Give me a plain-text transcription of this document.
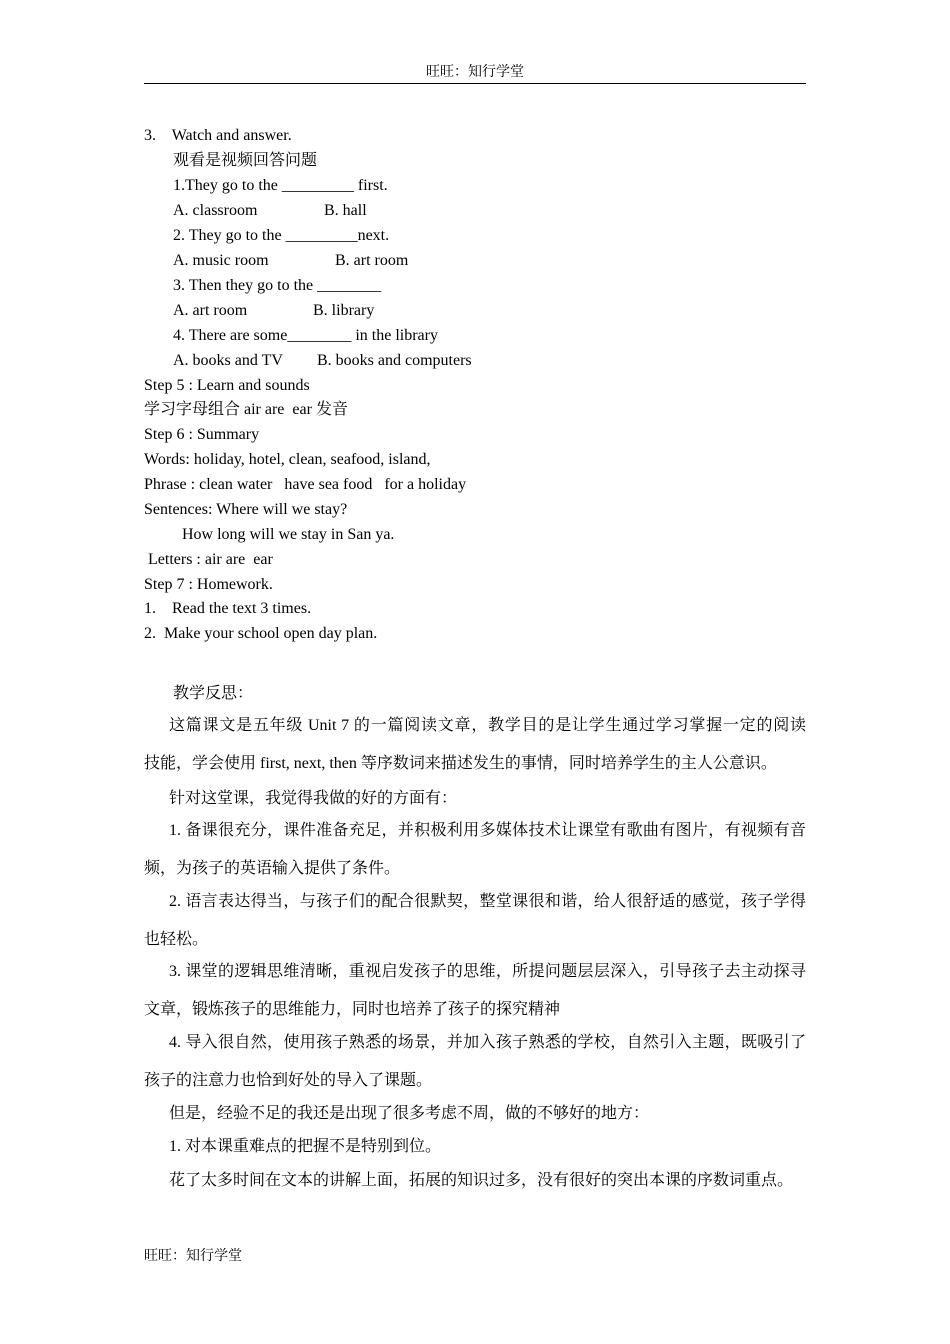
旺旺：知行学堂
3.    Watch and answer.
观看是视频回答问题
1.They go to the _________ first.
A. classroom	B. hall
2. They go to the _________next.
A. music room	B. art room
3. Then they go to the ________
A. art room	B. library
4. There are some________ in the library
A. books and TV B. books and computers
Step 5 : Learn and sounds
学习字母组合 air are  ear 发音
Step 6 : Summary
Words: holiday, hotel, clean, seafood, island,
Phrase : clean water   have sea food   for a holiday
Sentences: Where will we stay?
How long will we stay in San ya.
Letters : air are  ear
Step 7 : Homework.
1.    Read the text 3 times.
2.  Make your school open day plan.
教学反思：
这篇课文是五年级 Unit 7 的一篇阅读文章，教学目的是让学生通过学习掌握一定的阅读
技能，学会使用 first, next, then 等序数词来描述发生的事情，同时培养学生的主人公意识。
针对这堂课，我觉得我做的好的方面有：
1. 备课很充分，课件准备充足，并积极利用多媒体技术让课堂有歌曲有图片，有视频有音
频，为孩子的英语输入提供了条件。
2. 语言表达得当，与孩子们的配合很默契，整堂课很和谐，给人很舒适的感觉，孩子学得
也轻松。
3. 课堂的逻辑思维清晰，重视启发孩子的思维，所提问题层层深入，引导孩子去主动探寻
文章，锻炼孩子的思维能力，同时也培养了孩子的探究精神
4. 导入很自然，使用孩子熟悉的场景，并加入孩子熟悉的学校，自然引入主题，既吸引了
孩子的注意力也恰到好处的导入了课题。
但是，经验不足的我还是出现了很多考虑不周，做的不够好的地方：
1. 对本课重难点的把握不是特别到位。
花了太多时间在文本的讲解上面，拓展的知识过多，没有很好的突出本课的序数词重点。
旺旺：知行学堂
